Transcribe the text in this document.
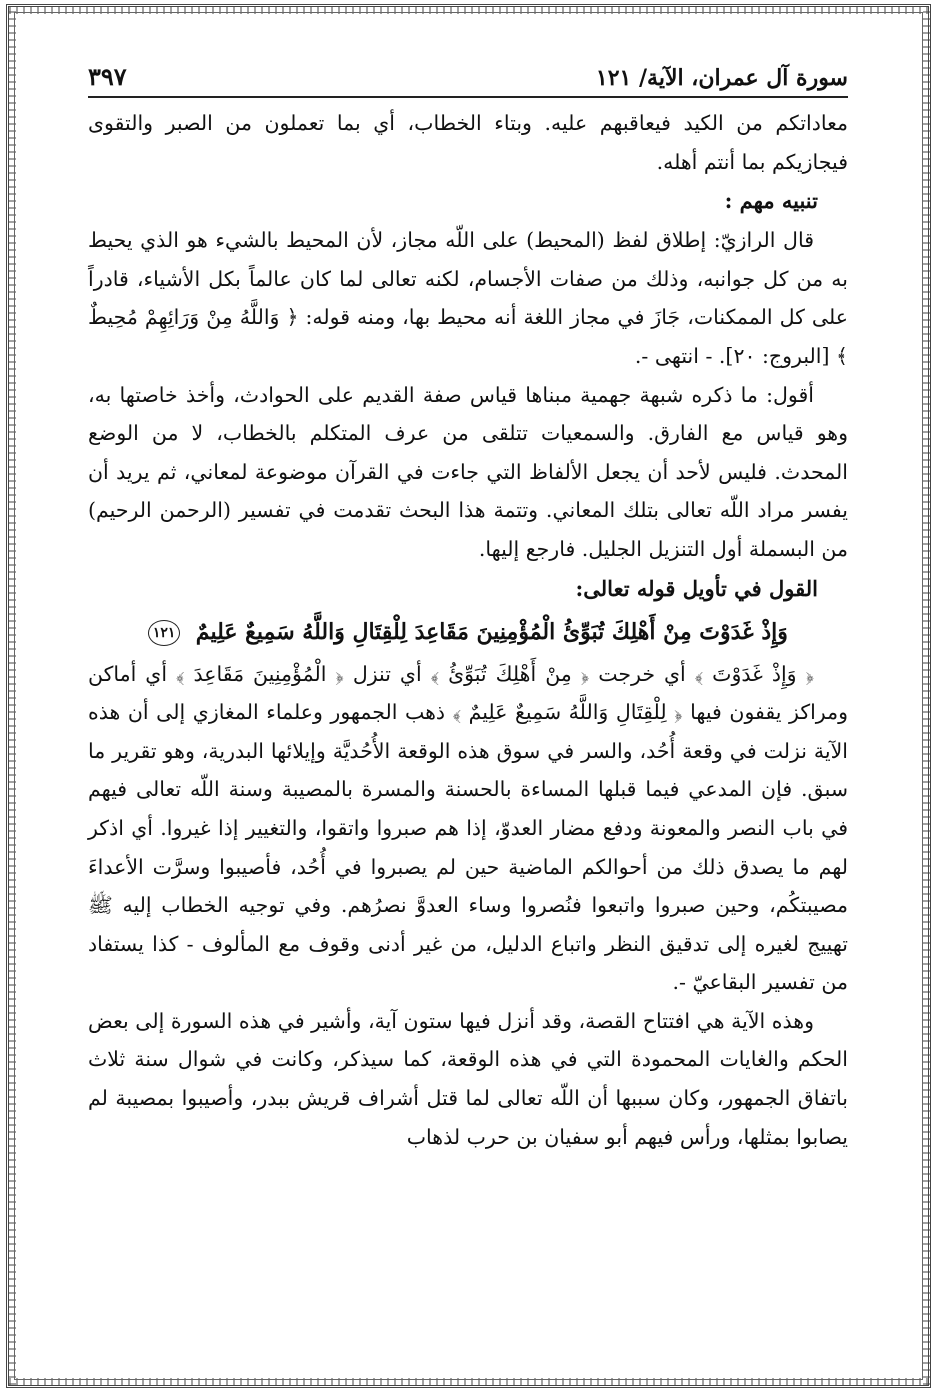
سورة آل عمران، الآية/ ١٢١
٣٩٧

معاداتكم من الكيد فيعاقبهم عليه. وبتاء الخطاب، أي بما تعملون من الصبر والتقوى فيجازيكم بما أنتم أهله.

تنبيه مهم :

قال الرازيّ: إطلاق لفظ (المحيط) على اللّه مجاز، لأن المحيط بالشيء هو الذي يحيط به من كل جوانبه، وذلك من صفات الأجسام، لكنه تعالى لما كان عالماً بكل الأشياء، قادراً على كل الممكنات، جَازَ في مجاز اللغة أنه محيط بها، ومنه قوله: ﴿ وَاللَّهُ مِنْ وَرَائِهِمْ مُحِيطٌ ﴾ [البروج: ٢٠]. - انتهى -.

أقول: ما ذكره شبهة جهمية مبناها قياس صفة القديم على الحوادث، وأخذ خاصتها به، وهو قياس مع الفارق. والسمعيات تتلقى من عرف المتكلم بالخطاب، لا من الوضع المحدث. فليس لأحد أن يجعل الألفاظ التي جاءت في القرآن موضوعة لمعاني، ثم يريد أن يفسر مراد اللّه تعالى بتلك المعاني. وتتمة هذا البحث تقدمت في تفسير (الرحمن الرحيم) من البسملة أول التنزيل الجليل. فارجع إليها.

القول في تأويل قوله تعالى:

وَإِذْ غَدَوْتَ مِنْ أَهْلِكَ تُبَوِّئُ الْمُؤْمِنِينَ مَقَاعِدَ لِلْقِتَالِ وَاللَّهُ سَمِيعٌ عَلِيمٌ ١٢١

﴿ وَإِذْ غَدَوْتَ ﴾ أي خرجت ﴿ مِنْ أَهْلِكَ تُبَوِّئُ ﴾ أي تنزل ﴿ الْمُؤْمِنِينَ مَقَاعِدَ ﴾ أي أماكن ومراكز يقفون فيها ﴿ لِلْقِتَالِ وَاللَّهُ سَمِيعٌ عَلِيمٌ ﴾ ذهب الجمهور وعلماء المغازي إلى أن هذه الآية نزلت في وقعة أُحُد، والسر في سوق هذه الوقعة الأُحُديَّة وإيلائها البدرية، وهو تقرير ما سبق. فإن المدعي فيما قبلها المساءة بالحسنة والمسرة بالمصيبة وسنة اللّه تعالى فيهم في باب النصر والمعونة ودفع مضار العدوّ، إذا هم صبروا واتقوا، والتغيير إذا غيروا. أي اذكر لهم ما يصدق ذلك من أحوالكم الماضية حين لم يصبروا في أُحُد، فأصيبوا وسرَّت الأعداءَ مصيبتكُم، وحين صبروا واتبعوا فنُصروا وساء العدوَّ نصرُهم. وفي توجيه الخطاب إليه ﷺ تهييج لغيره إلى تدقيق النظر واتباع الدليل، من غير أدنى وقوف مع المألوف - كذا يستفاد من تفسير البقاعيّ -.

وهذه الآية هي افتتاح القصة، وقد أنزل فيها ستون آية، وأشير في هذه السورة إلى بعض الحكم والغايات المحمودة التي في هذه الوقعة، كما سيذكر، وكانت في شوال سنة ثلاث باتفاق الجمهور، وكان سببها أن اللّه تعالى لما قتل أشراف قريش ببدر، وأصيبوا بمصيبة لم يصابوا بمثلها، ورأس فيهم أبو سفيان بن حرب لذهاب
